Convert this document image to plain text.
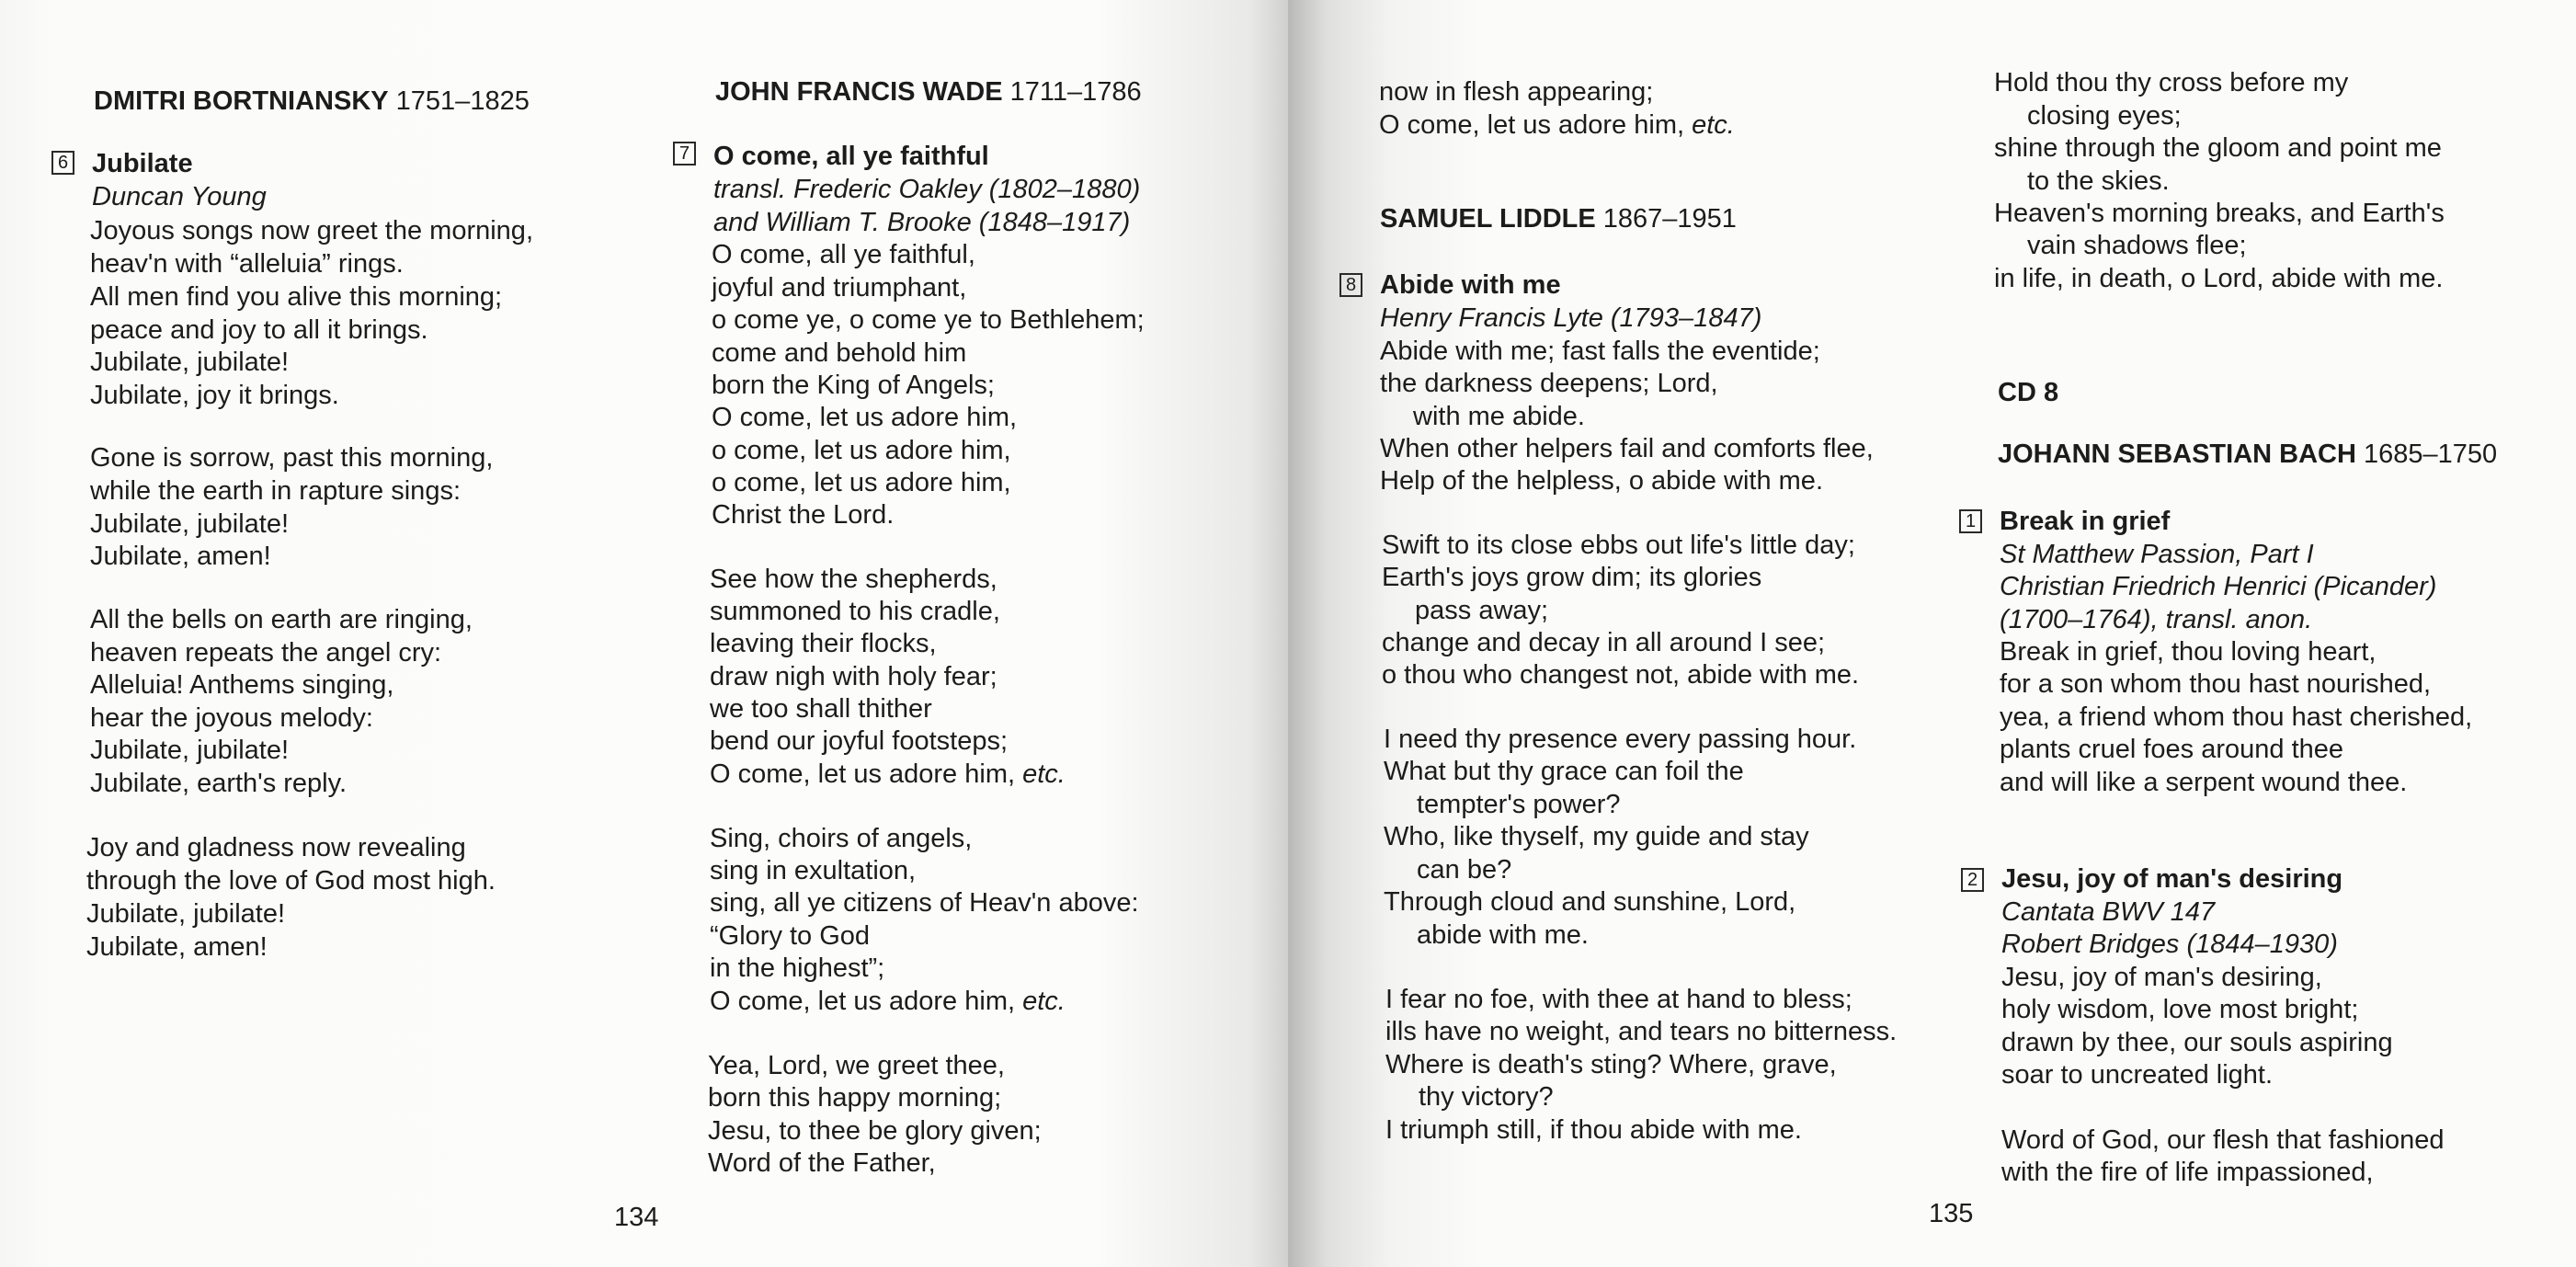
DMITRI BORTNIANSKY 1751–1825
6 Jubilate
Duncan Young
Joyous songs now greet the morning,
heav'n with “alleluia” rings.
All men find you alive this morning;
peace and joy to all it brings.
Jubilate, jubilate!
Jubilate, joy it brings.
Gone is sorrow, past this morning,
while the earth in rapture sings:
Jubilate, jubilate!
Jubilate, amen!
All the bells on earth are ringing,
heaven repeats the angel cry:
Alleluia! Anthems singing,
hear the joyous melody:
Jubilate, jubilate!
Jubilate, earth's reply.
Joy and gladness now revealing
through the love of God most high.
Jubilate, jubilate!
Jubilate, amen!
JOHN FRANCIS WADE 1711–1786
7 O come, all ye faithful
transl. Frederic Oakley (1802–1880)
and William T. Brooke (1848–1917)
O come, all ye faithful,
joyful and triumphant,
o come ye, o come ye to Bethlehem;
come and behold him
born the King of Angels;
O come, let us adore him,
o come, let us adore him,
o come, let us adore him,
Christ the Lord.
See how the shepherds,
summoned to his cradle,
leaving their flocks,
draw nigh with holy fear;
we too shall thither
bend our joyful footsteps;
O come, let us adore him, etc.
Sing, choirs of angels,
sing in exultation,
sing, all ye citizens of Heav'n above:
“Glory to God
in the highest”;
O come, let us adore him, etc.
Yea, Lord, we greet thee,
born this happy morning;
Jesu, to thee be glory given;
Word of the Father,
134
now in flesh appearing;
O come, let us adore him, etc.
SAMUEL LIDDLE 1867–1951
8 Abide with me
Henry Francis Lyte (1793–1847)
Abide with me; fast falls the eventide;
the darkness deepens; Lord,
with me abide.
When other helpers fail and comforts flee,
Help of the helpless, o abide with me.
Swift to its close ebbs out life's little day;
Earth's joys grow dim; its glories
pass away;
change and decay in all around I see;
o thou who changest not, abide with me.
I need thy presence every passing hour.
What but thy grace can foil the
tempter's power?
Who, like thyself, my guide and stay
can be?
Through cloud and sunshine, Lord,
abide with me.
I fear no foe, with thee at hand to bless;
ills have no weight, and tears no bitterness.
Where is death's sting? Where, grave,
thy victory?
I triumph still, if thou abide with me.
Hold thou thy cross before my
closing eyes;
shine through the gloom and point me
to the skies.
Heaven's morning breaks, and Earth's
vain shadows flee;
in life, in death, o Lord, abide with me.
CD 8
JOHANN SEBASTIAN BACH 1685–1750
1 Break in grief
St Matthew Passion, Part I
Christian Friedrich Henrici (Picander)
(1700–1764), transl. anon.
Break in grief, thou loving heart,
for a son whom thou hast nourished,
yea, a friend whom thou hast cherished,
plants cruel foes around thee
and will like a serpent wound thee.
2 Jesu, joy of man's desiring
Cantata BWV 147
Robert Bridges (1844–1930)
Jesu, joy of man's desiring,
holy wisdom, love most bright;
drawn by thee, our souls aspiring
soar to uncreated light.
Word of God, our flesh that fashioned
with the fire of life impassioned,
135
